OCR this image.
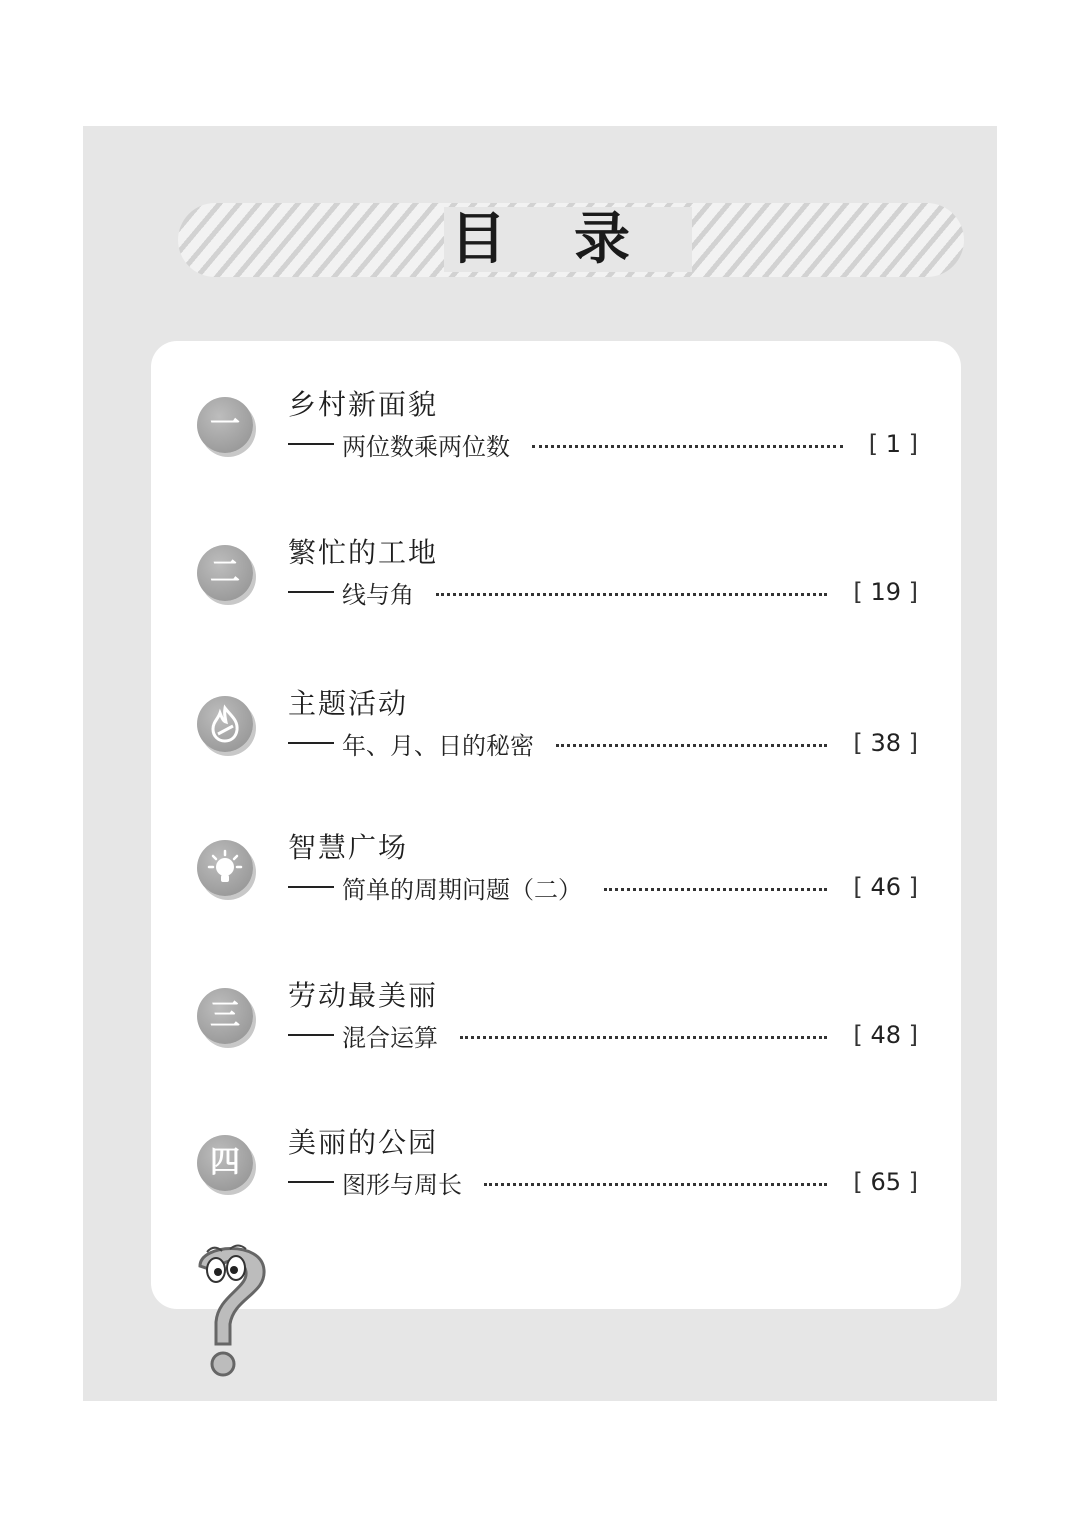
目 录
一
乡村新面貌
两位数乘两位数	[ 1 ]
二
繁忙的工地
线与角	[ 19 ]
主题活动
年、月、日的秘密	[ 38 ]
智慧广场
简单的周期问题（二）	[ 46 ]
三
劳动最美丽
混合运算	[ 48 ]
四
美丽的公园
图形与周长	[ 65 ]
